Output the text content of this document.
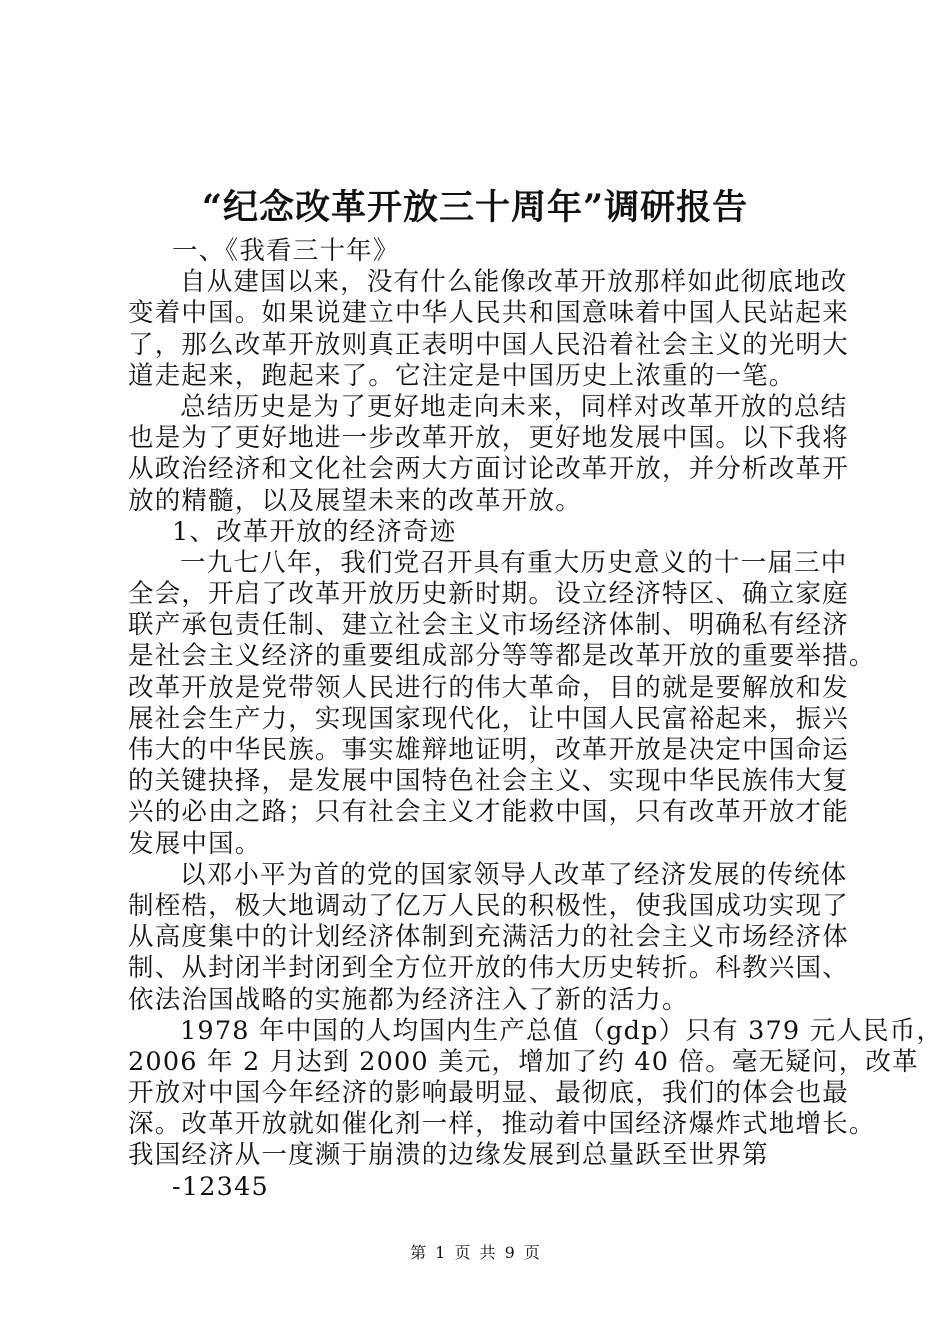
“纪念改革开放三十周年”调研报告
一、《我看三十年》
自从建国以来，没有什么能像改革开放那样如此彻底地改
变着中国。如果说建立中华人民共和国意味着中国人民站起来
了，那么改革开放则真正表明中国人民沿着社会主义的光明大
道走起来，跑起来了。它注定是中国历史上浓重的一笔。
总结历史是为了更好地走向未来，同样对改革开放的总结
也是为了更好地进一步改革开放，更好地发展中国。以下我将
从政治经济和文化社会两大方面讨论改革开放，并分析改革开
放的精髓，以及展望未来的改革开放。
1、改革开放的经济奇迹
一九七八年，我们党召开具有重大历史意义的十一届三中
全会，开启了改革开放历史新时期。设立经济特区、确立家庭
联产承包责任制、建立社会主义市场经济体制、明确私有经济
是社会主义经济的重要组成部分等等都是改革开放的重要举措。
改革开放是党带领人民进行的伟大革命，目的就是要解放和发
展社会生产力，实现国家现代化，让中国人民富裕起来，振兴
伟大的中华民族。事实雄辩地证明，改革开放是决定中国命运
的关键抉择，是发展中国特色社会主义、实现中华民族伟大复
兴的必由之路；只有社会主义才能救中国，只有改革开放才能
发展中国。
以邓小平为首的党的国家领导人改革了经济发展的传统体
制桎梏，极大地调动了亿万人民的积极性，使我国成功实现了
从高度集中的计划经济体制到充满活力的社会主义市场经济体
制、从封闭半封闭到全方位开放的伟大历史转折。科教兴国、
依法治国战略的实施都为经济注入了新的活力。
1978 年中国的人均国内生产总值（gdp）只有 379 元人民币，
2006 年 2 月达到 2000 美元，增加了约 40 倍。毫无疑问，改革
开放对中国今年经济的影响最明显、最彻底，我们的体会也最
深。改革开放就如催化剂一样，推动着中国经济爆炸式地增长。
我国经济从一度濒于崩溃的边缘发展到总量跃至世界第
-12345
第 1 页 共 9 页
